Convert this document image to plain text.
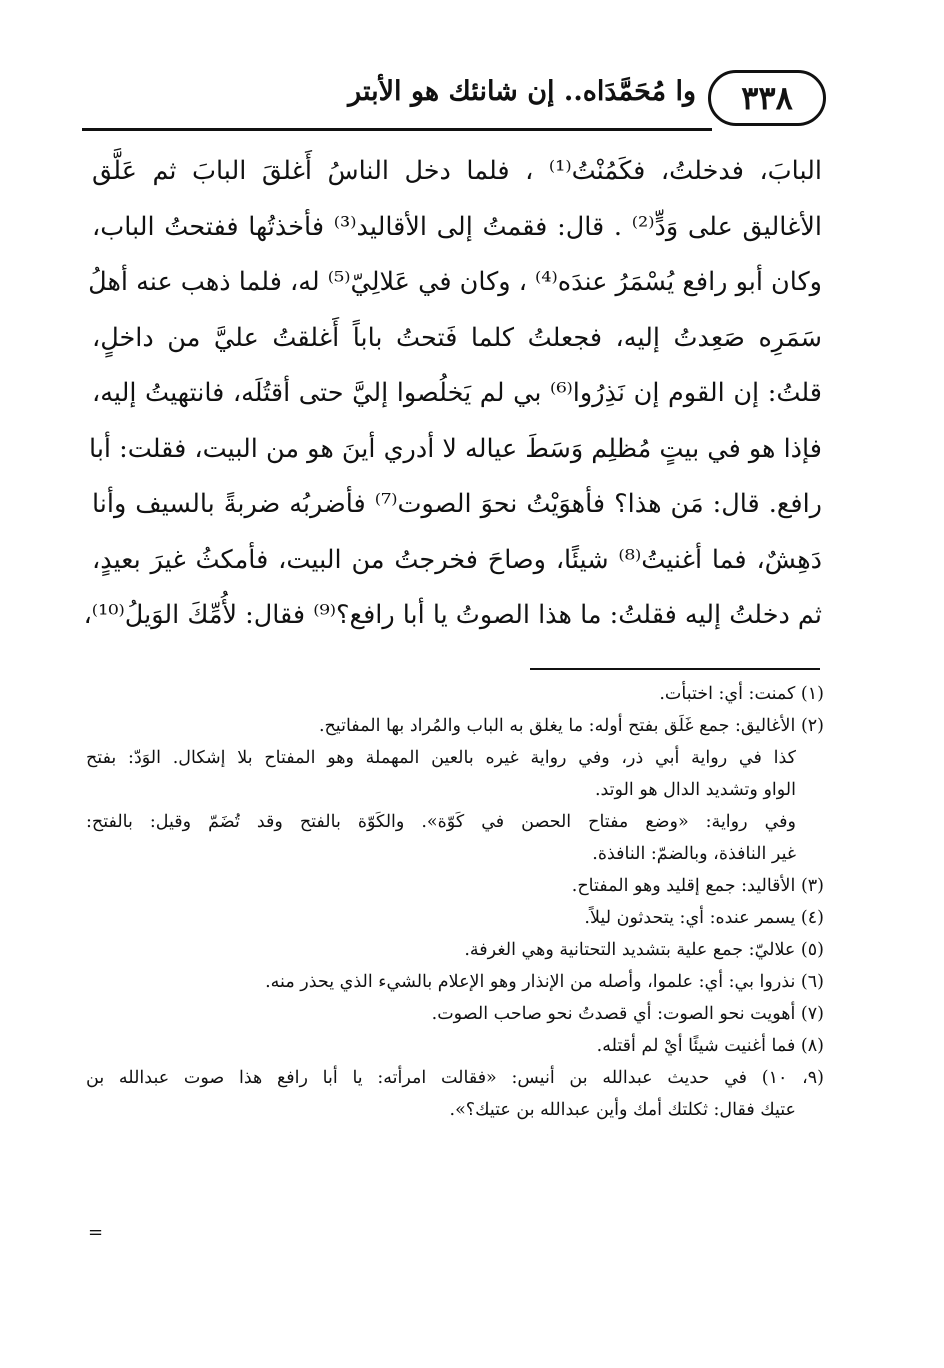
٣٣٨
وا مُحَمَّدَاه.. إن شانئك هو الأبتر
البابَ، فدخلتُ، فكَمُنْتُ⁽¹⁾ ، فلما دخل الناسُ أَغلقَ البابَ ثم عَلَّق
الأغاليق على وَدٍّ⁽²⁾ . قال: فقمتُ إلى الأقاليد⁽³⁾ فأخذتُها ففتحتُ الباب،
وكان أبو رافع يُسْمَرُ عندَه⁽⁴⁾ ، وكان في عَلالِيّ⁽⁵⁾ له، فلما ذهب عنه أهلُ
سَمَرِه صَعِدتُ إليه، فجعلتُ كلما فَتحتُ باباً أَغلقتُ عليَّ من داخلٍ،
قلتُ: إن القوم إن نَذِرُوا⁽⁶⁾ بي لم يَخلُصوا إليَّ حتى أقتُلَه، فانتهيتُ إليه،
فإذا هو في بيتٍ مُظلِم وَسَطَ عياله لا أدري أينَ هو من البيت، فقلت: أبا
رافع. قال: مَن هذا؟ فأهوَيْتُ نحوَ الصوت⁽⁷⁾ فأضربُه ضربةً بالسيف وأنا
دَهِشٌ، فما أغنيتُ⁽⁸⁾ شيئًا، وصاحَ فخرجتُ من البيت، فأمكثُ غيرَ بعيدٍ،
ثم دخلتُ إليه فقلتُ: ما هذا الصوتُ يا أبا رافع؟⁽⁹⁾ فقال: لأُمِّكَ الوَيلُ⁽¹⁰⁾،
(١) كمنت: أي: اختبأت.
(٢) الأغاليق: جمع غَلَق بفتح أوله: ما يغلق به الباب والمُراد بها المفاتيح.
كذا في رواية أبي ذر، وفي رواية غيره بالعين المهملة وهو المفتاح بلا إشكال. الوَدّ: بفتح
الواو وتشديد الدال هو الوتد.
وفي رواية: «وضع مفتاح الحصن في كَوّة». والكَوّة بالفتح وقد تُضَمّ وقيل: بالفتح:
غير النافذة، وبالضمّ: النافذة.
(٣) الأقاليد: جمع إقليد وهو المفتاح.
(٤) يسمر عنده: أي: يتحدثون ليلاً.
(٥) علاليّ: جمع علية بتشديد التحتانية وهي الغرفة.
(٦) نذروا بي: أي: علموا، وأصله من الإنذار وهو الإعلام بالشيء الذي يحذر منه.
(٧) أهويت نحو الصوت: أي قصدتُ نحو صاحب الصوت.
(٨) فما أغنيت شيئًا أيْ لم أقتله.
(٩، ١٠) في حديث عبدالله بن أنيس: «فقالت امرأته: يا أبا رافع هذا صوت عبدالله بن
عتيك فقال: ثكلتك أمك وأين عبدالله بن عتيك؟».
=
